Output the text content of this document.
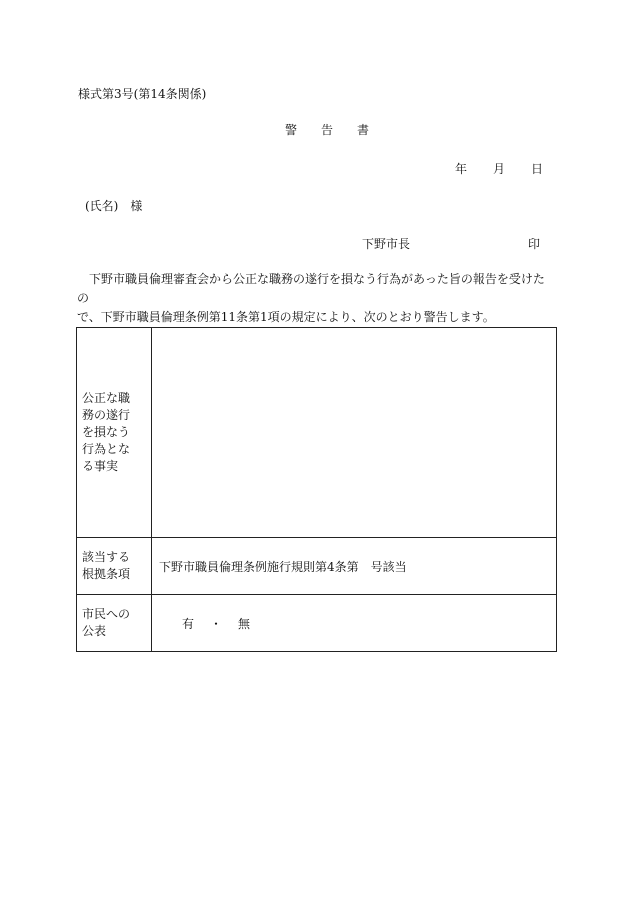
様式第3号(第14条関係)
警　告　書
年 月 日
(氏名)　様
下野市長	印

下野市職員倫理審査会から公正な職務の遂行を損なう行為があった旨の報告を受けたの

で、下野市職員倫理条例第11条第1項の規定により、次のとおり警告します。

公正な職
務の遂行
を損なう
行為とな
る事実	

該当する
根拠条項	下野市職員倫理条例施行規則第4条第　号該当

市民への
公表	有　・　無
